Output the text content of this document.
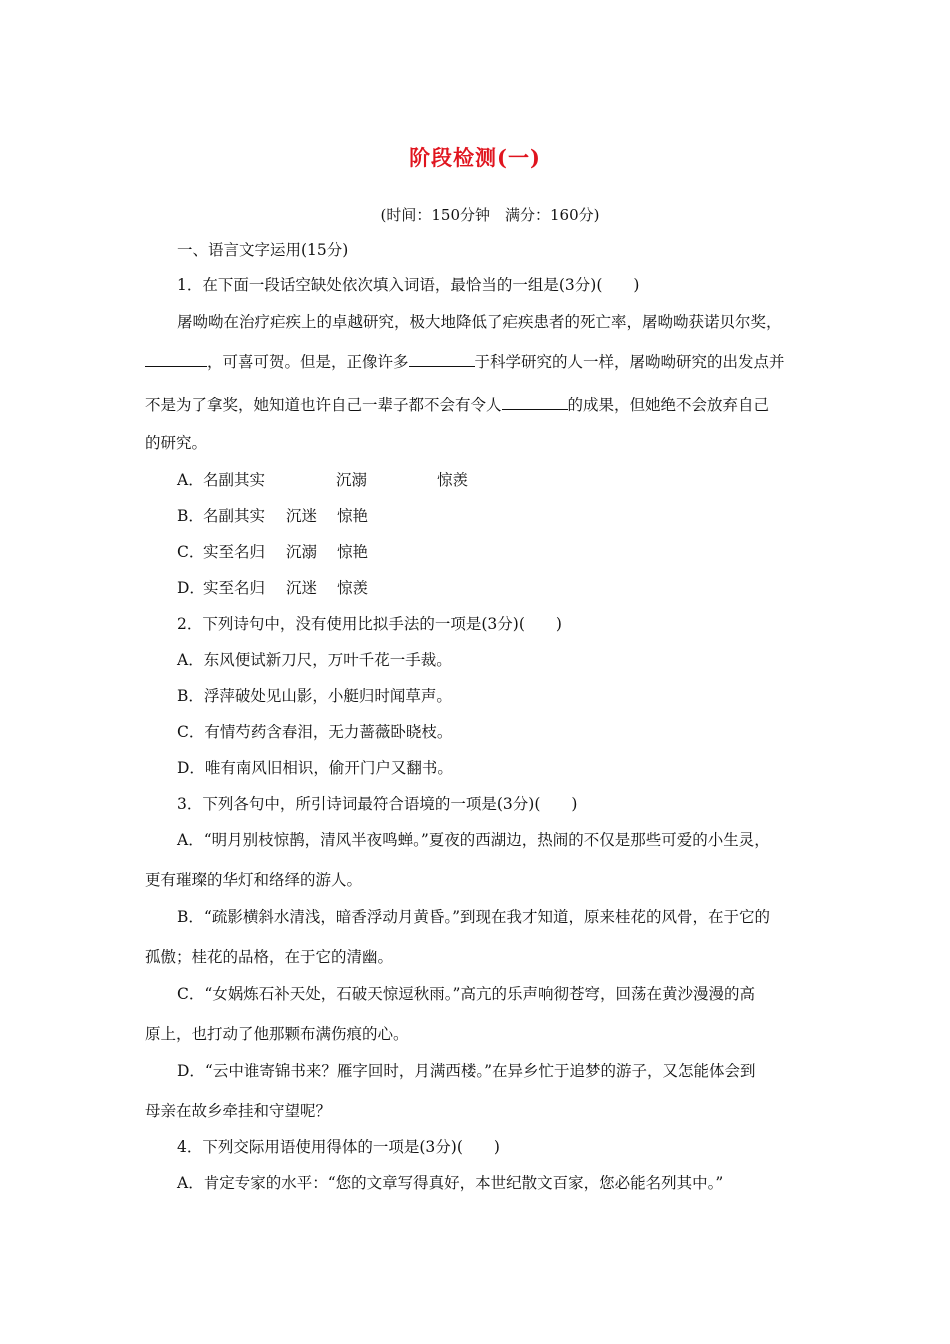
阶段检测(一)
(时间：150分钟　满分：160分)
一、语言文字运用(15分)
1．在下面一段话空缺处依次填入词语，最恰当的一组是(3分)(　　)
屠呦呦在治疗疟疾上的卓越研究，极大地降低了疟疾患者的死亡率，屠呦呦获诺贝尔奖，
，可喜可贺。但是，正像许多	于科学研究的人一样，屠呦呦研究的出发点并
不是为了拿奖，她知道也许自己一辈子都不会有令人	的成果，但她绝不会放弃自己
的研究。
A． 名副其实	沉溺	惊羡
B． 名副其实 沉迷 惊艳
C．
实至名归 沉溺 惊艳
D．
实至名归 沉迷 惊羡
2．下列诗句中，没有使用比拟手法的一项是(3分)(　　)
A．东风便试新刀尺，万叶千花一手裁。
B．浮萍破处见山影，小艇归时闻草声。
C．有情芍药含春泪，无力蔷薇卧晓枝。
D．唯有南风旧相识，偷开门户又翻书。
3．下列各句中，所引诗词最符合语境的一项是(3分)(　　)
A．“明月别枝惊鹊，清风半夜鸣蝉。”夏夜的西湖边，热闹的不仅是那些可爱的小生灵，
更有璀璨的华灯和络绎的游人。
B．“疏影横斜水清浅，暗香浮动月黄昏。”到现在我才知道，原来桂花的风骨，在于它的
孤傲；桂花的品格，在于它的清幽。
C．“女娲炼石补天处，石破天惊逗秋雨。”高亢的乐声响彻苍穹，回荡在黄沙漫漫的高
原上，也打动了他那颗布满伤痕的心。
D．“云中谁寄锦书来？雁字回时，月满西楼。”在异乡忙于追梦的游子，又怎能体会到
母亲在故乡牵挂和守望呢？
4．下列交际用语使用得体的一项是(3分)(　　)
A．肯定专家的水平：“您的文章写得真好，本世纪散文百家，您必能名列其中。”
